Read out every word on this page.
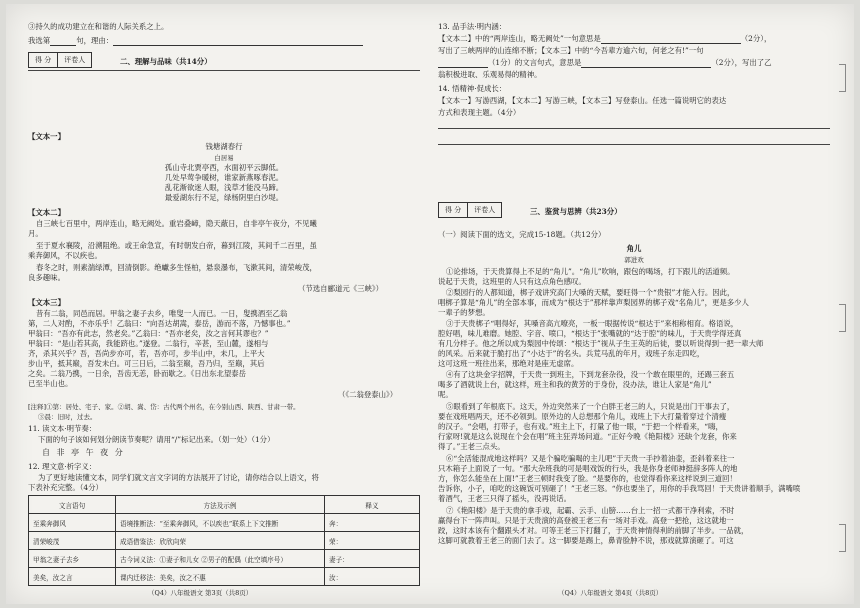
③持久的成功建立在和谐的人际关系之上。
我选第	句，理由：
得 分	评卷人	二、理解与品味（共14分）
【文本一】
钱塘湖春行
白居易
孤山寺北贾亭西，水面初平云脚低。
几处早莺争暖树，谁家新燕啄春泥。
乱花渐欲迷人眼，浅草才能没马蹄。
最爱湖东行不足，绿杨阴里白沙堤。
【文本二】
自三峡七百里中，两岸连山，略无阙处。重岩叠嶂，隐天蔽日，自非亭午夜分，不见曦
月。
至于夏水襄陵，沿溯阻绝。或王命急宣，有时朝发白帝，暮到江陵，其间千二百里，虽
乘奔御风，不以疾也。
春冬之时，则素湍绿潭，回清倒影。绝巘多生怪柏，悬泉瀑布，飞漱其间，清荣峻茂，
良多趣味。
（节选自郦道元《三峡》）
【文本三】
昔有二翁，同邑而居。甲翁之妻子去乡，唯叟一人而已。一日，叟携酒至乙翁
第，二人对酌，不亦乐乎！乙翁曰：“向吾达胡嵩，泰岳，游而不落，乃憾事也。”
甲翁曰：“吾亦有此志，然老矣。”乙翁曰：“吾亦老矣，汝之言何其谬也？”
甲翁曰：“是山若其高，我能跻也。”遂登。二翁行，辛甚，至山麓，遂相与
齐，杀其兴乎？吾，吾尚步亦可，若，吾亦可，步半山中，未几，上平大
步山平，抵其巅，吾发未白。可三日后，二翁至巅，吾乃归，至巅，其后
之矣。二翁乃携，一日余，吾齿无恙，卧而歇之。《日出东北望泰岳
已至半山也。
（《二翁登泰山》）
[注释]①第：居处、宅子、家。②胡、嵩、岱：古代两个州名，在今别山西、陕西、甘肃一带。
③晨：旧时，过去。
11. 读文本·明节奏：
下面的句子该如何划分朗读节奏呢？请用“/”标记出来。（划一处）（1分）
自 非 亭 午 夜 分
12. 理文意·析字义：
为了更好地读懂文本，同学们就文言文字词的方法展开了讨论，请你结合以上语文，将
下表补充完整。（4分）
文言语句	方法及示例	释义
至乘奔御风	语境推断法：“至乘奔御风，不以疾也”联系上下文推断	奔：
清荣峻茂	成语借鉴法：欣欣向荣	荣：
甲翁之妻子去乡	古今词义法：①妻子和儿女 ②男子的配偶（此空填序号）	妻子：
美矣，汝之言	课内迁移法：美矣，汝之不惠	汝：
（Q4）八年级语文 第3页（共8页）
13. 品手法·明内涵：
【文本二】中的“两岸连山，略无阙处”一句意思是	（2分），
写出了三峡两岸的山连绵不断；【文本三】中的“今吾辈方逾六旬，何老之有!”一句
（1分）的文言句式，意思是	（2分），写出了乙
翁积极进取、乐观易得的精神。
14. 悟精神·促成长：
【文本一】写游西湖，【文本二】写游三峡，【文本三】写登泰山。任选一篇说明它的表达
方式和表现主题。（4分）
得 分	评卷人	三、鉴赏与思辨（共23分）
（一）阅读下面的选文，完成15-18题。（共12分）
角儿
郭进欢
①论排场，于天贵算得上不足的“角儿”。“角儿”吹响，跟包的喝场，打下跟儿的活道频。
说起于天贵，这班里的人只有这点角色感叹。
②梨园行的人都知道，梆子戏讲究高门大嗓的天赋，要旺得一个“贵银”才能入行。因此，
唱梆子算是“角儿”的全部本事，而成为“根达于”那样靠声梨园界的梆子戏“名角儿”，更是多少人
一辈子的梦想。
③于天贵梆子“唱得好，其嗓音高亢嘹亮，一板一眼据传说“根达于”来相称相育。格语说，
腔好唱，味儿难磨。她腔、字音、喷口，“根达于”张嘴就的“达于腔”的味儿，于天贵学得还真
有几分样子。他之所以成为梨园中传颂：“根达于”视从子生王英的后徒，要以听说得到一把一辈大师
的风采。后来就于脆打出了“小达于”的名头。兵荒马乱的年月，戏班子东走四吃，
这可这班一班往出来，那绝对是座无虚席。
④有了这块金字招牌，于天贵一到班主，下到龙套杂役，没一个敢在眼里的，还踢三套五
喝多了酒就说上台，就这样，班主和我的黄芳的于身份，没办法，谁让人家是“角儿”
呢。
⑤眼看到了年根底下。这天，外边突然来了一个白胖王老三的人，只说是出门干事去了，
要在戏班唱两天，还不必领到。原外边的人总想那个角儿，戏班上下大打量着穿过个清瘦
的汉子。“会唱，打带子，也有戏。”班主上下，打量了他一眼，“于把一个样看来，“嗨，
行家呀!就是这么说现在个会在唱”班主狂弄场问道。“正好今晚《艳阳楼》还缺个龙套，你来
得了。”王老三点头。
⑥“全活能混成地这样吗？又是个骗吃骗喝的主儿吧”于天贵一手抄着油壶，歪斜着来往一
只木箱子上面说了一句。“那大杂班我的可是唱戏饭的行头，我是你身老师神挺辞多阵人的地
方，你怎么能坐在上面!”王老三顿时我变了脸。“是要你的，也觉得看你来这样说到三道回！
告诉你，小子，咱吃的这碗饭可别砸了！”王老三怒。“你也要坐了，用你的手我骂回！于天贵讲着顺手，满嘴喷
着酒气，王老三只得了摇头，没再说话。
⑦《艳阳楼》是于天贵的拿手戏，起霸、云手、山膀……台上一招一式都干净利索，不时
赢得台下一阵声叫。只是于天贵演的高登被王老三有一场对手戏。高登一把抢，这这就地一
跤，这时本该有个翻跟头才对。可等王老三下打翻了，于天贵神情得利的前脚了半步。一品就，
这脚可就教着王老三的面门去了。这一脚要是踢上，鼻青脸肿不说，那戏就算演砸了。可这
（Q4）八年级语文 第4页（共8页）
